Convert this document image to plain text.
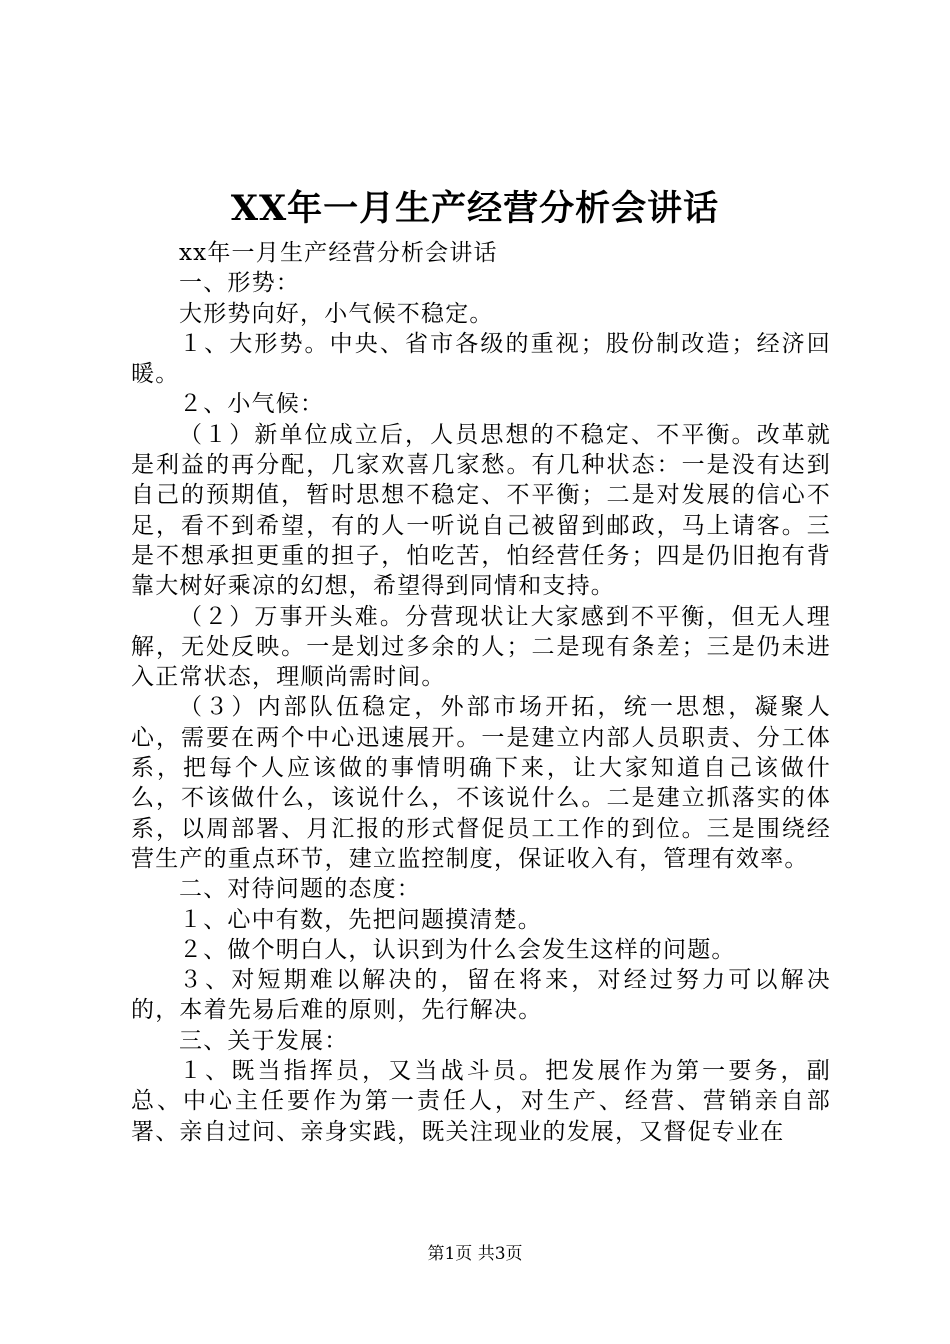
XX年一月生产经营分析会讲话

xx年一月生产经营分析会讲话

一、形势：

大形势向好，小气候不稳定。

１、大形势。中央、省市各级的重视；股份制改造；经济回暖。

２、小气候：

（１）新单位成立后，人员思想的不稳定、不平衡。改革就是利益的再分配，几家欢喜几家愁。有几种状态：一是没有达到自己的预期值，暂时思想不稳定、不平衡；二是对发展的信心不足，看不到希望，有的人一听说自己被留到邮政，马上请客。三是不想承担更重的担子，怕吃苦，怕经营任务；四是仍旧抱有背靠大树好乘凉的幻想，希望得到同情和支持。

（２）万事开头难。分营现状让大家感到不平衡，但无人理解，无处反映。一是划过多余的人；二是现有条差；三是仍未进入正常状态，理顺尚需时间。

（３）内部队伍稳定，外部市场开拓，统一思想，凝聚人心，需要在两个中心迅速展开。一是建立内部人员职责、分工体系，把每个人应该做的事情明确下来，让大家知道自己该做什么，不该做什么，该说什么，不该说什么。二是建立抓落实的体系，以周部署、月汇报的形式督促员工工作的到位。三是围绕经营生产的重点环节，建立监控制度，保证收入有，管理有效率。

二、对待问题的态度：

１、心中有数，先把问题摸清楚。

２、做个明白人，认识到为什么会发生这样的问题。

３、对短期难以解决的，留在将来，对经过努力可以解决的，本着先易后难的原则，先行解决。

三、关于发展：

１、既当指挥员，又当战斗员。把发展作为第一要务，副总、中心主任要作为第一责任人，对生产、经营、营销亲自部署、亲自过问、亲身实践，既关注现业的发展，又督促专业在

第1页 共3页
